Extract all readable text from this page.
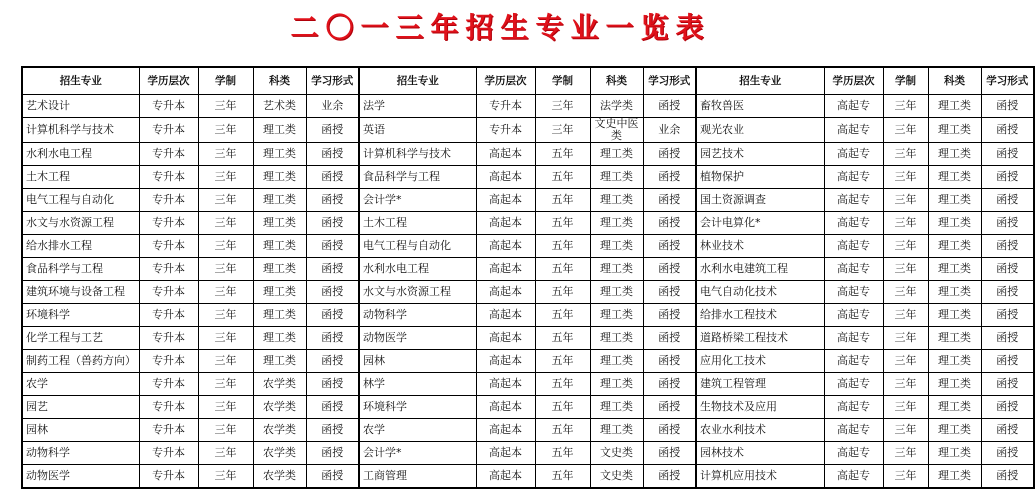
二〇一三年招生专业一览表
招生专业	学历层次	学制	科类	学习形式	招生专业	学历层次	学制	科类	学习形式	招生专业	学历层次	学制	科类	学习形式
艺术设计	专升本	三年	艺术类	业余	法学	专升本	三年	法学类	函授	畜牧兽医	高起专	三年	理工类	函授
计算机科学与技术	专升本	三年	理工类	函授	英语	专升本	三年	文史中医类	业余	观光农业	高起专	三年	理工类	函授
水利水电工程	专升本	三年	理工类	函授	计算机科学与技术	高起本	五年	理工类	函授	园艺技术	高起专	三年	理工类	函授
土木工程	专升本	三年	理工类	函授	食品科学与工程	高起本	五年	理工类	函授	植物保护	高起专	三年	理工类	函授
电气工程与自动化	专升本	三年	理工类	函授	会计学*	高起本	五年	理工类	函授	国土资源调查	高起专	三年	理工类	函授
水文与水资源工程	专升本	三年	理工类	函授	土木工程	高起本	五年	理工类	函授	会计电算化*	高起专	三年	理工类	函授
给水排水工程	专升本	三年	理工类	函授	电气工程与自动化	高起本	五年	理工类	函授	林业技术	高起专	三年	理工类	函授
食品科学与工程	专升本	三年	理工类	函授	水利水电工程	高起本	五年	理工类	函授	水利水电建筑工程	高起专	三年	理工类	函授
建筑环境与设备工程	专升本	三年	理工类	函授	水文与水资源工程	高起本	五年	理工类	函授	电气自动化技术	高起专	三年	理工类	函授
环境科学	专升本	三年	理工类	函授	动物科学	高起本	五年	理工类	函授	给排水工程技术	高起专	三年	理工类	函授
化学工程与工艺	专升本	三年	理工类	函授	动物医学	高起本	五年	理工类	函授	道路桥梁工程技术	高起专	三年	理工类	函授
制药工程（兽药方向）	专升本	三年	理工类	函授	园林	高起本	五年	理工类	函授	应用化工技术	高起专	三年	理工类	函授
农学	专升本	三年	农学类	函授	林学	高起本	五年	理工类	函授	建筑工程管理	高起专	三年	理工类	函授
园艺	专升本	三年	农学类	函授	环境科学	高起本	五年	理工类	函授	生物技术及应用	高起专	三年	理工类	函授
园林	专升本	三年	农学类	函授	农学	高起本	五年	理工类	函授	农业水利技术	高起专	三年	理工类	函授
动物科学	专升本	三年	农学类	函授	会计学*	高起本	五年	文史类	函授	园林技术	高起专	三年	理工类	函授
动物医学	专升本	三年	农学类	函授	工商管理	高起本	五年	文史类	函授	计算机应用技术	高起专	三年	理工类	函授
